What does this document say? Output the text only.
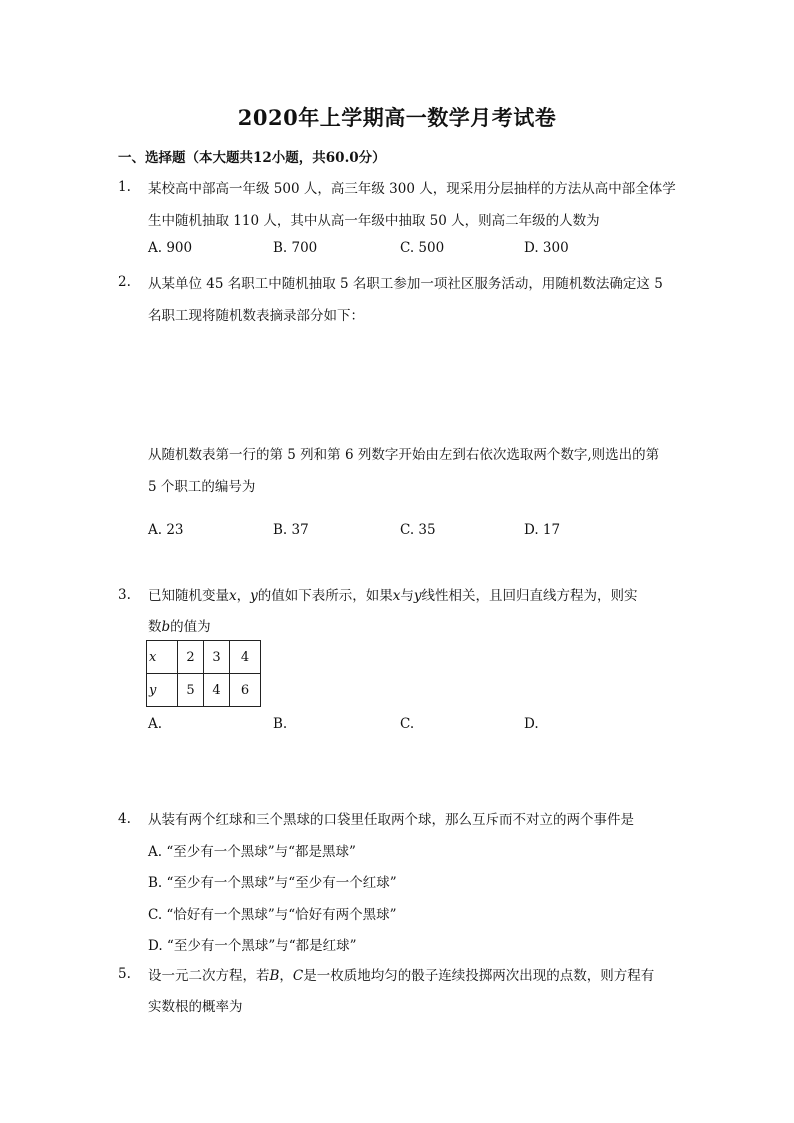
2020年上学期高一数学月考试卷
一、选择题（本大题共12小题，共60.0分）
1. 某校高中部高一年级 500 人，高三年级 300 人，现采用分层抽样的方法从高中部全体学
生中随机抽取 110 人，其中从高一年级中抽取 50 人，则高二年级的人数为
A. 900	B. 700	C. 500	D. 300
2. 从某单位 45 名职工中随机抽取 5 名职工参加一项社区服务活动，用随机数法确定这 5
名职工现将随机数表摘录部分如下：
从随机数表第一行的第 5 列和第 6 列数字开始由左到右依次选取两个数字,则选出的第
5 个职工的编号为
A. 23	B. 37	C. 35	D. 17
3. 已知随机变量x，y的值如下表所示，如果x与y线性相关，且回归直线方程为，则实
数b的值为
x	2	3	4
y	5	4	6
A.	B.	C.	D.
4. 从装有两个红球和三个黑球的口袋里任取两个球，那么互斥而不对立的两个事件是
A. “至少有一个黑球”与“都是黑球”
B. “至少有一个黑球”与“至少有一个红球”
C. “恰好有一个黑球”与“恰好有两个黑球”
D. “至少有一个黑球”与“都是红球”
5. 设一元二次方程，若B，C是一枚质地均匀的骰子连续投掷两次出现的点数，则方程有
实数根的概率为
